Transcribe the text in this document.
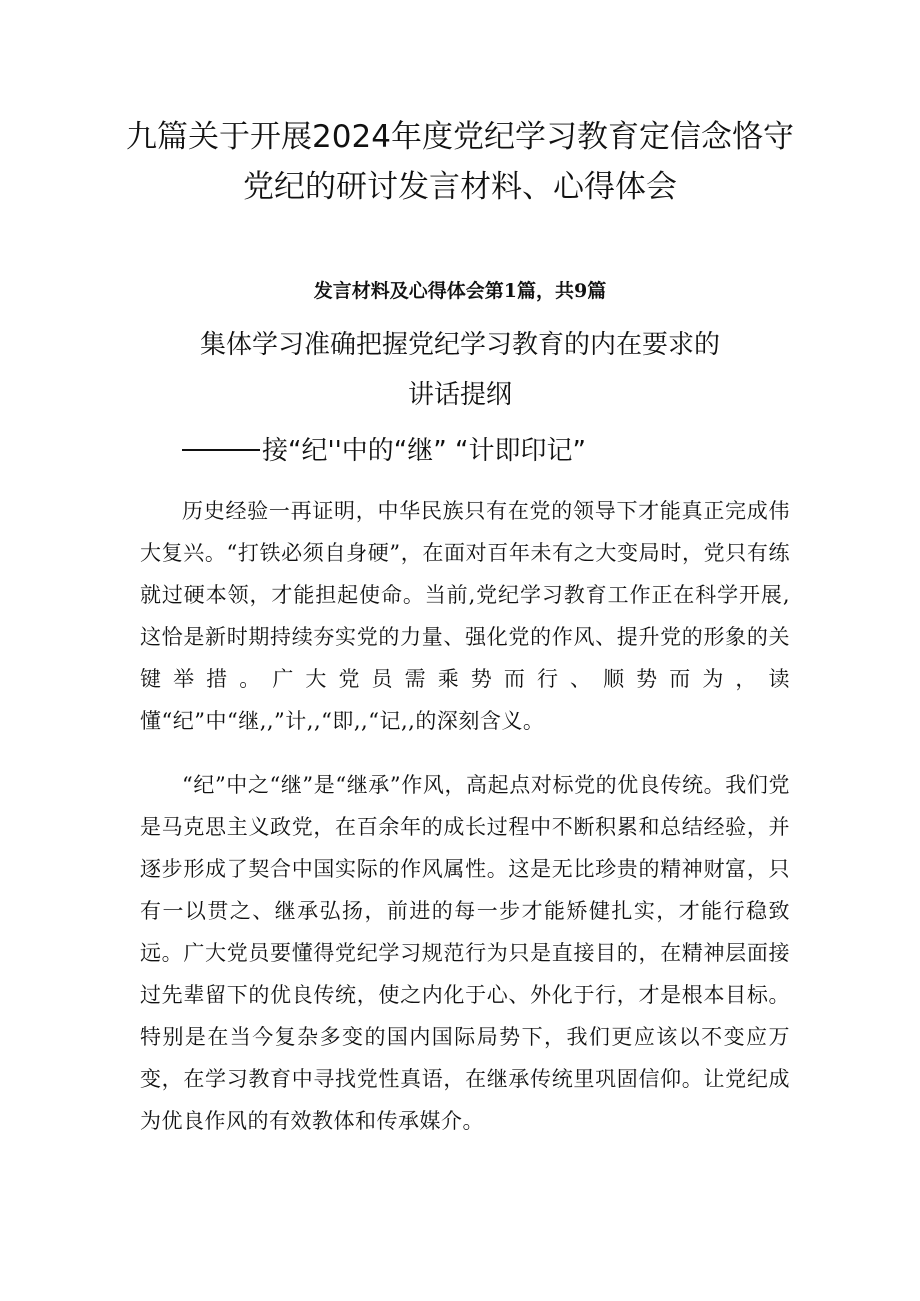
九篇关于开展2024年度党纪学习教育定信念恪守
党纪的研讨发言材料、心得体会
发言材料及心得体会第1篇，共9篇
集体学习准确把握党纪学习教育的内在要求的
讲话提纲
接“纪''中的“继” “计即印记”

历史经验一再证明，中华民族只有在党的领导下才能真正完成伟大复兴。“打铁必须自身硬”，在面对百年未有之大变局时，党只有练就过硬本领，才能担起使命。当前,党纪学习教育工作正在科学开展,这恰是新时期持续夯实党的力量、强化党的作风、提升党的形象的关键举措。广大党员需乘势而行、顺势而为，读懂“纪”中“继,,”计,,“即,,“记,,的深刻含义。

“纪”中之“继”是“继承”作风，高起点对标党的优良传统。我们党是马克思主义政党，在百余年的成长过程中不断积累和总结经验，并逐步形成了契合中国实际的作风属性。这是无比珍贵的精神财富，只有一以贯之、继承弘扬，前进的每一步才能矫健扎实，才能行稳致远。广大党员要懂得党纪学习规范行为只是直接目的，在精神层面接过先辈留下的优良传统，使之内化于心、外化于行，才是根本目标。特别是在当今复杂多变的国内国际局势下，我们更应该以不变应万变，在学习教育中寻找党性真语，在继承传统里巩固信仰。让党纪成为优良作风的有效教体和传承媒介。
